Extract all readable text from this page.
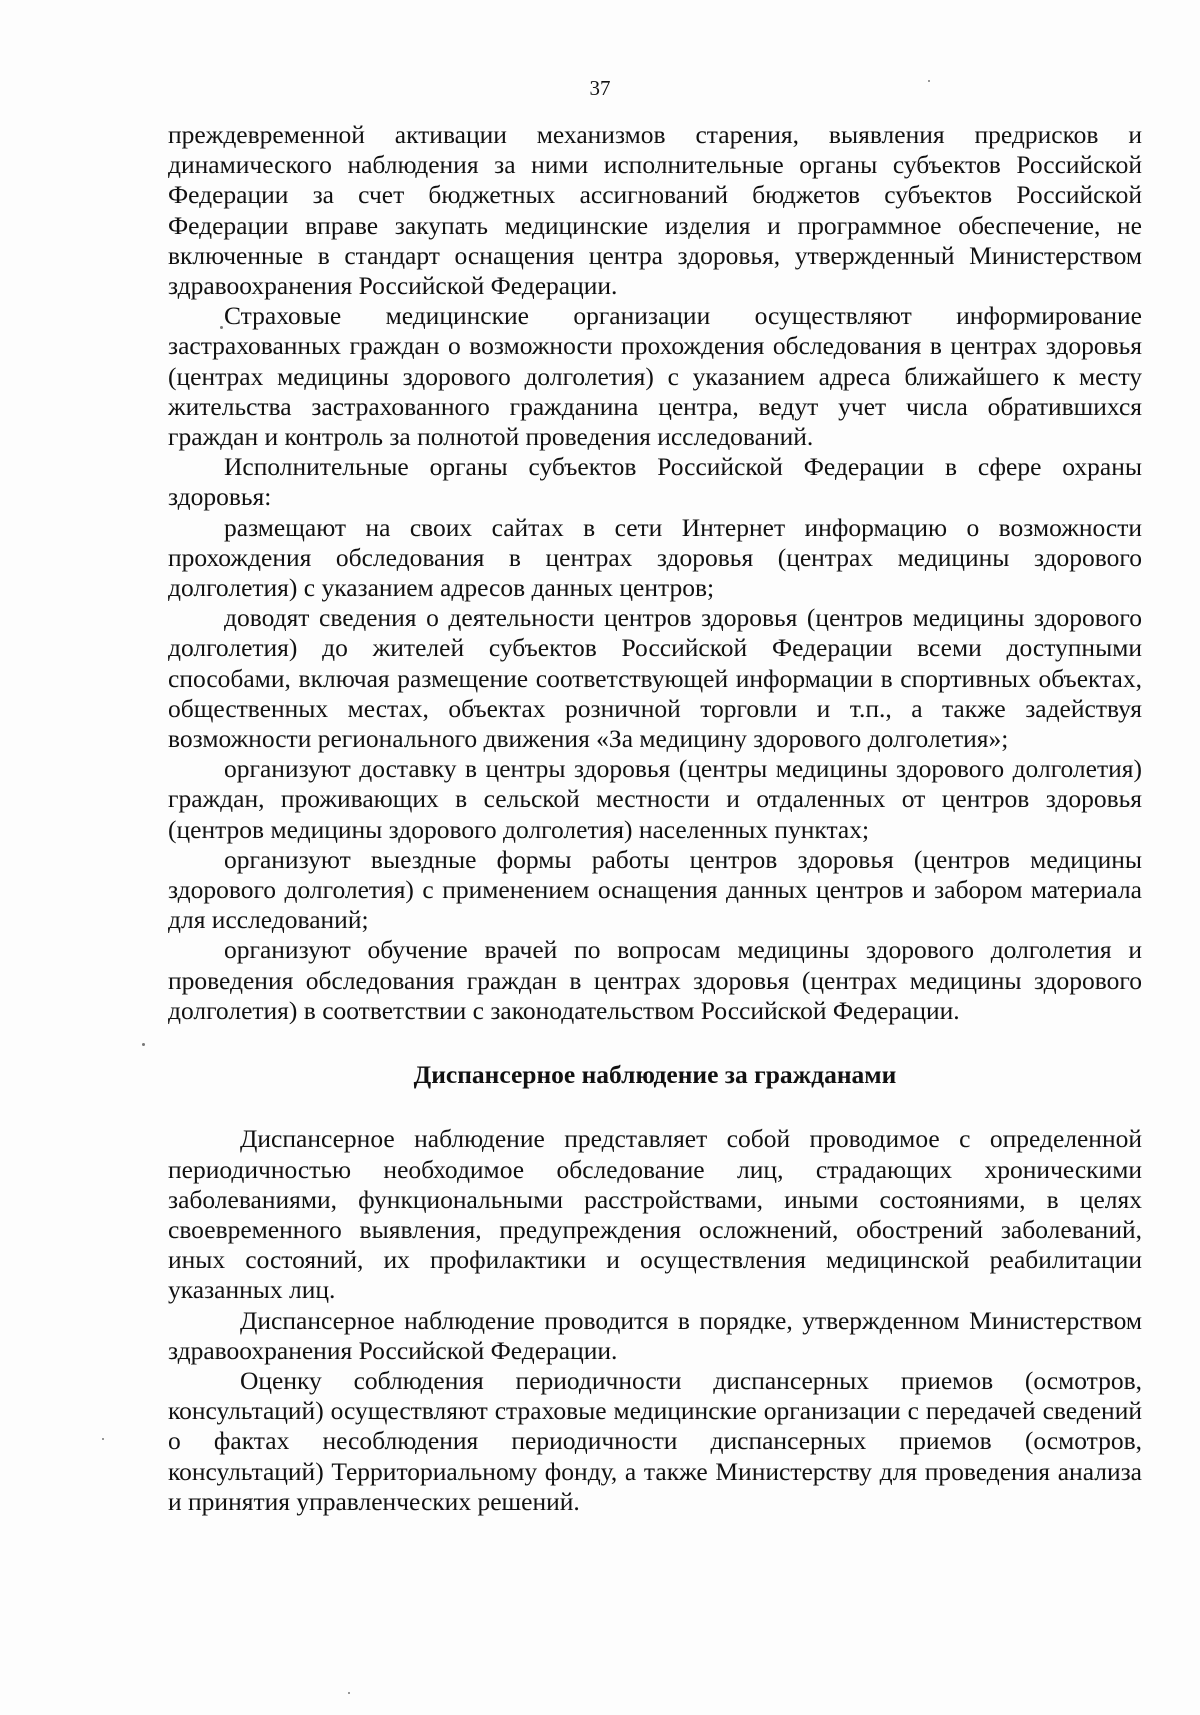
37

преждевременной активации механизмов старения, выявления предрисков и динамического наблюдения за ними исполнительные органы субъектов Российской Федерации за счет бюджетных ассигнований бюджетов субъектов Российской Федерации вправе закупать медицинские изделия и программное обеспечение, не включенные в стандарт оснащения центра здоровья, утвержденный Министерством здравоохранения Российской Федерации.

Страховые медицинские организации осуществляют информирование застрахованных граждан о возможности прохождения обследования в центрах здоровья (центрах медицины здорового долголетия) с указанием адреса ближайшего к месту жительства застрахованного гражданина центра, ведут учет числа обратившихся граждан и контроль за полнотой проведения исследований.

Исполнительные органы субъектов Российской Федерации в сфере охраны здоровья:

размещают на своих сайтах в сети Интернет информацию о возможности прохождения обследования в центрах здоровья (центрах медицины здорового долголетия) с указанием адресов данных центров;

доводят сведения о деятельности центров здоровья (центров медицины здорового долголетия) до жителей субъектов Российской Федерации всеми доступными способами, включая размещение соответствующей информации в спортивных объектах, общественных местах, объектах розничной торговли и т.п., а также задействуя возможности регионального движения «За медицину здорового долголетия»;

организуют доставку в центры здоровья (центры медицины здорового долголетия) граждан, проживающих в сельской местности и отдаленных от центров здоровья (центров медицины здорового долголетия) населенных пунктах;

организуют выездные формы работы центров здоровья (центров медицины здорового долголетия) с применением оснащения данных центров и забором материала для исследований;

организуют обучение врачей по вопросам медицины здорового долголетия и проведения обследования граждан в центрах здоровья (центрах медицины здорового долголетия) в соответствии с законодательством Российской Федерации.

Диспансерное наблюдение за гражданами

Диспансерное наблюдение представляет собой проводимое с определенной периодичностью необходимое обследование лиц, страдающих хроническими заболеваниями, функциональными расстройствами, иными состояниями, в целях своевременного выявления, предупреждения осложнений, обострений заболеваний, иных состояний, их профилактики и осуществления медицинской реабилитации указанных лиц.

Диспансерное наблюдение проводится в порядке, утвержденном Министерством здравоохранения Российской Федерации.

Оценку соблюдения периодичности диспансерных приемов (осмотров, консультаций) осуществляют страховые медицинские организации с передачей сведений о фактах несоблюдения периодичности диспансерных приемов (осмотров, консультаций) Территориальному фонду, а также Министерству для проведения анализа и принятия управленческих решений.
